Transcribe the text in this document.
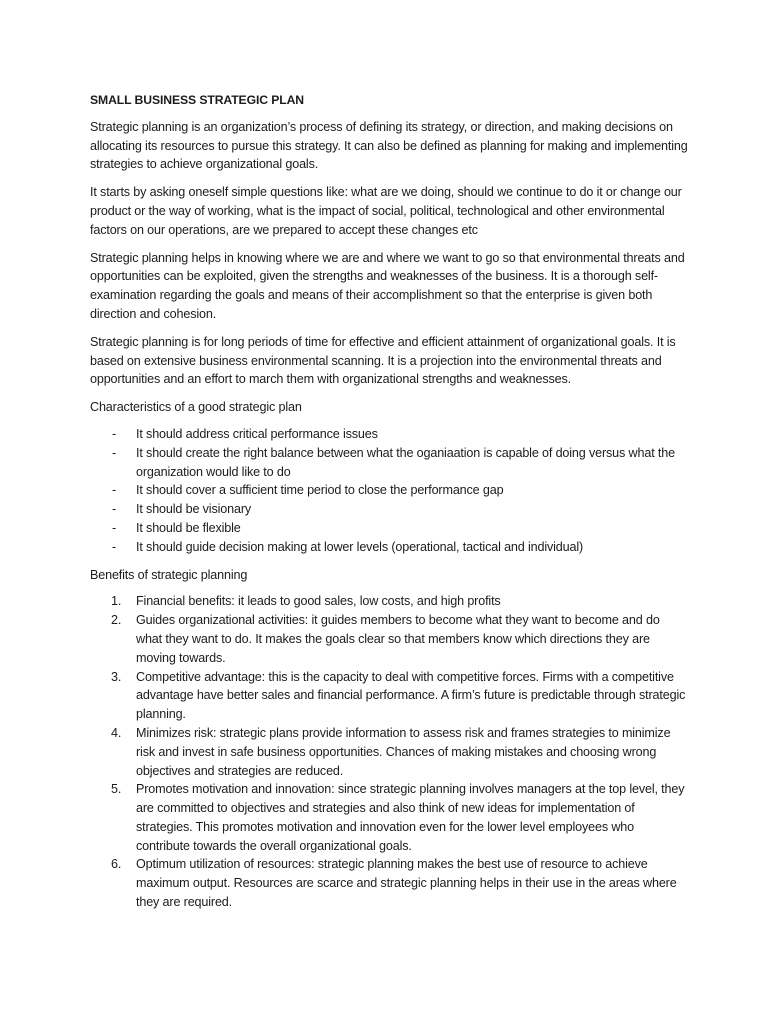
SMALL BUSINESS STRATEGIC PLAN

Strategic planning is an organization’s process of defining its strategy, or direction, and making decisions on allocating its resources to pursue this strategy. It can also be defined as planning for making and implementing strategies to achieve organizational goals.

It starts by asking oneself simple questions like: what are we doing, should we continue to do it or change our product or the way of working, what is the impact of social, political, technological and other environmental factors on our operations, are we prepared to accept these changes etc

Strategic planning helps in knowing where we are and where we want to go so that environmental threats and opportunities can be exploited, given the strengths and weaknesses of the business. It is a thorough self-examination regarding the goals and means of their accomplishment so that the enterprise is given both direction and cohesion.

Strategic planning is for long periods of time for effective and efficient attainment of organizational goals. It is based on extensive business environmental scanning. It is a projection into the environmental threats and opportunities and an effort to march them with organizational strengths and weaknesses.

Characteristics of a good strategic plan
- It should address critical performance issues
- It should create the right balance between what the oganiaation is capable of doing versus what the organization would like to do
- It should cover a sufficient time period to close the performance gap
- It should be visionary
- It should be flexible
- It should guide decision making at lower levels (operational, tactical and individual)
Benefits of strategic planning
1. Financial benefits: it leads to good sales, low costs, and high profits
2. Guides organizational activities: it guides members to become what they want to become and do what they want to do. It makes the goals clear so that members know which directions they are moving towards.
3. Competitive advantage: this is the capacity to deal with competitive forces. Firms with a competitive advantage have better sales and financial performance. A firm’s future is predictable through strategic planning.
4. Minimizes risk: strategic plans provide information to assess risk and frames strategies to minimize risk and invest in safe business opportunities. Chances of making mistakes and choosing wrong objectives and strategies are reduced.
5. Promotes motivation and innovation: since strategic planning involves managers at the top level, they are committed to objectives and strategies and also think of new ideas for implementation of strategies. This promotes motivation and innovation even for the lower level employees who contribute towards the overall organizational goals.
6. Optimum utilization of resources: strategic planning makes the best use of resource to achieve maximum output. Resources are scarce and strategic planning helps in their use in the areas where they are required.
